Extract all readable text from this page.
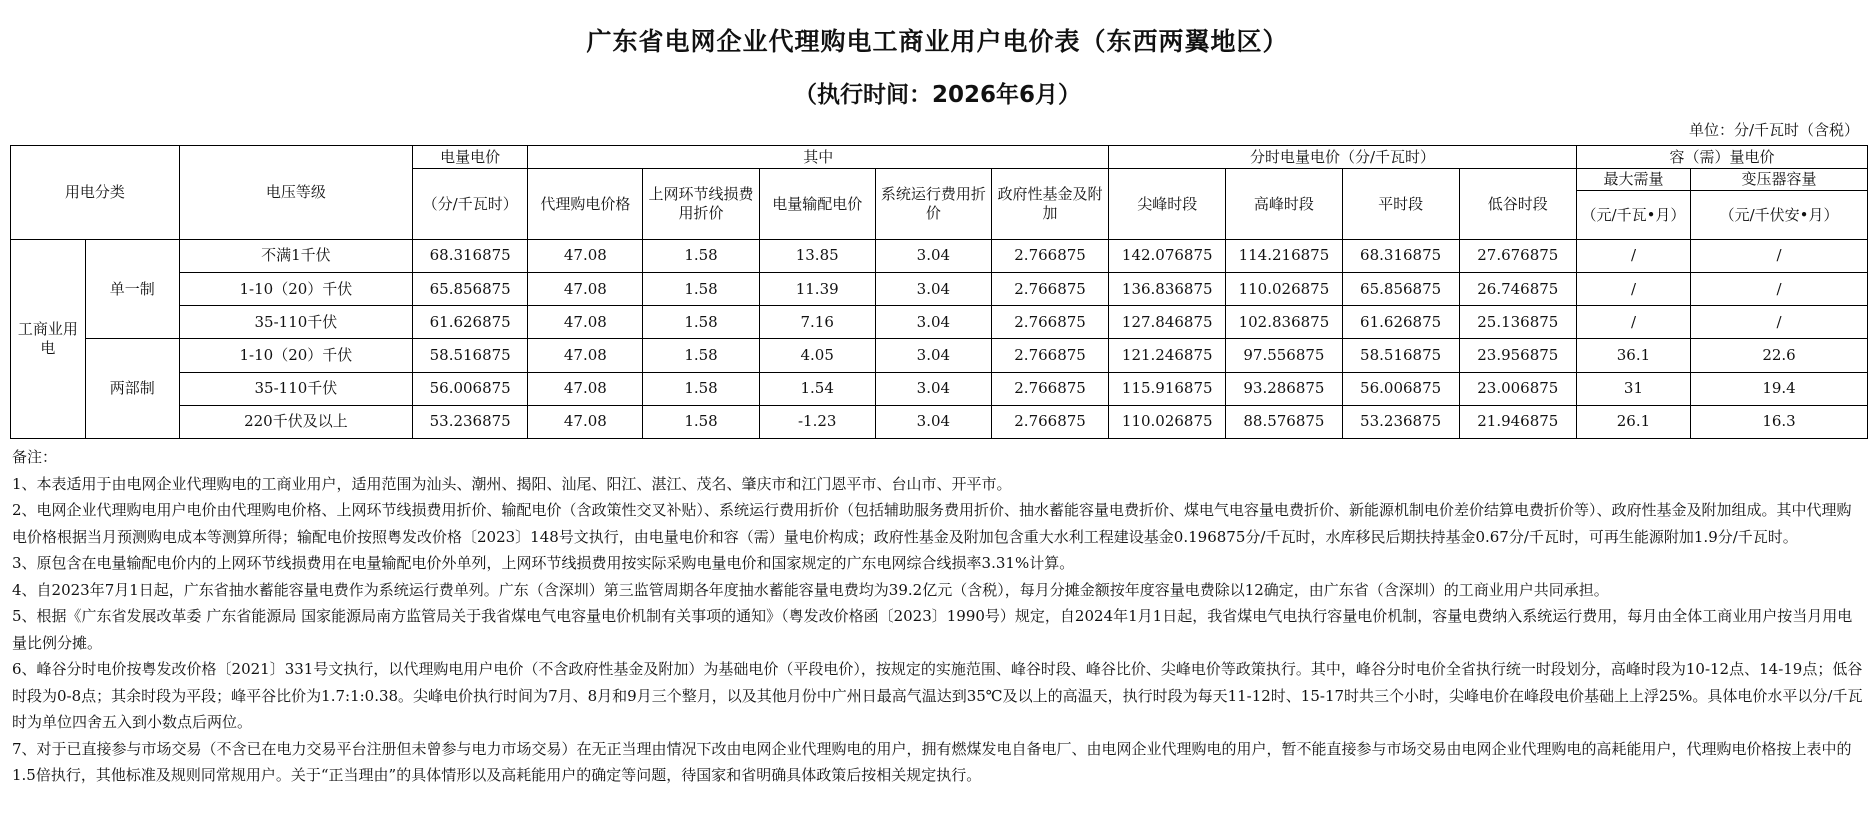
广东省电网企业代理购电工商业用户电价表（东西两翼地区）
（执行时间：2026年6月）
单位：分/千瓦时（含税）
用电分类		电压等级	电量电价	其中					分时电量电价（分/千瓦时）				容（需）量电价	
			（分/千瓦时）	代理购电价格	上网环节线损费用折价	电量输配电价	系统运行费用折价	政府性基金及附加	尖峰时段	高峰时段	平时段	低谷时段	最大需量	变压器容量
													（元/千瓦•月）	（元/千伏安•月）
工商业用电	单一制	不满1千伏	68.316875	47.08	1.58	13.85	3.04	2.766875	142.076875	114.216875	68.316875	27.676875	/	/
		1-10（20）千伏	65.856875	47.08	1.58	11.39	3.04	2.766875	136.836875	110.026875	65.856875	26.746875	/	/
		35-110千伏	61.626875	47.08	1.58	7.16	3.04	2.766875	127.846875	102.836875	61.626875	25.136875	/	/
	两部制	1-10（20）千伏	58.516875	47.08	1.58	4.05	3.04	2.766875	121.246875	97.556875	58.516875	23.956875	36.1	22.6
		35-110千伏	56.006875	47.08	1.58	1.54	3.04	2.766875	115.916875	93.286875	56.006875	23.006875	31	19.4
		220千伏及以上	53.236875	47.08	1.58	-1.23	3.04	2.766875	110.026875	88.576875	53.236875	21.946875	26.1	16.3

备注：

1、本表适用于由电网企业代理购电的工商业用户，适用范围为汕头、潮州、揭阳、汕尾、阳江、湛江、茂名、肇庆市和江门恩平市、台山市、开平市。

2、电网企业代理购电用户电价由代理购电价格、上网环节线损费用折价、输配电价（含政策性交叉补贴）、系统运行费用折价（包括辅助服务费用折价、抽水蓄能容量电费折价、煤电气电容量电费折价、新能源机制电价差价结算电费折价等）、政府性基金及附加组成。其中代理购电价格根据当月预测购电成本等测算所得；输配电价按照粤发改价格〔2023〕148号文执行，由电量电价和容（需）量电价构成；政府性基金及附加包含重大水利工程建设基金0.196875分/千瓦时，水库移民后期扶持基金0.67分/千瓦时，可再生能源附加1.9分/千瓦时。

3、原包含在电量输配电价内的上网环节线损费用在电量输配电价外单列，上网环节线损费用按实际采购电量电价和国家规定的广东电网综合线损率3.31%计算。

4、自2023年7月1日起，广东省抽水蓄能容量电费作为系统运行费单列。广东（含深圳）第三监管周期各年度抽水蓄能容量电费均为39.2亿元（含税），每月分摊金额按年度容量电费除以12确定，由广东省（含深圳）的工商业用户共同承担。

5、根据《广东省发展改革委 广东省能源局 国家能源局南方监管局关于我省煤电气电容量电价机制有关事项的通知》（粤发改价格函〔2023〕1990号）规定，自2024年1月1日起，我省煤电气电执行容量电价机制，容量电费纳入系统运行费用，每月由全体工商业用户按当月用电量比例分摊。

6、峰谷分时电价按粤发改价格〔2021〕331号文执行，以代理购电用户电价（不含政府性基金及附加）为基础电价（平段电价），按规定的实施范围、峰谷时段、峰谷比价、尖峰电价等政策执行。其中，峰谷分时电价全省执行统一时段划分，高峰时段为10-12点、14-19点；低谷时段为0-8点；其余时段为平段；峰平谷比价为1.7:1:0.38。尖峰电价执行时间为7月、8月和9月三个整月，以及其他月份中广州日最高气温达到35℃及以上的高温天，执行时段为每天11-12时、15-17时共三个小时，尖峰电价在峰段电价基础上上浮25%。具体电价水平以分/千瓦时为单位四舍五入到小数点后两位。

7、对于已直接参与市场交易（不含已在电力交易平台注册但未曾参与电力市场交易）在无正当理由情况下改由电网企业代理购电的用户，拥有燃煤发电自备电厂、由电网企业代理购电的用户，暂不能直接参与市场交易由电网企业代理购电的高耗能用户，代理购电价格按上表中的1.5倍执行，其他标准及规则同常规用户。关于“正当理由”的具体情形以及高耗能用户的确定等问题，待国家和省明确具体政策后按相关规定执行。
